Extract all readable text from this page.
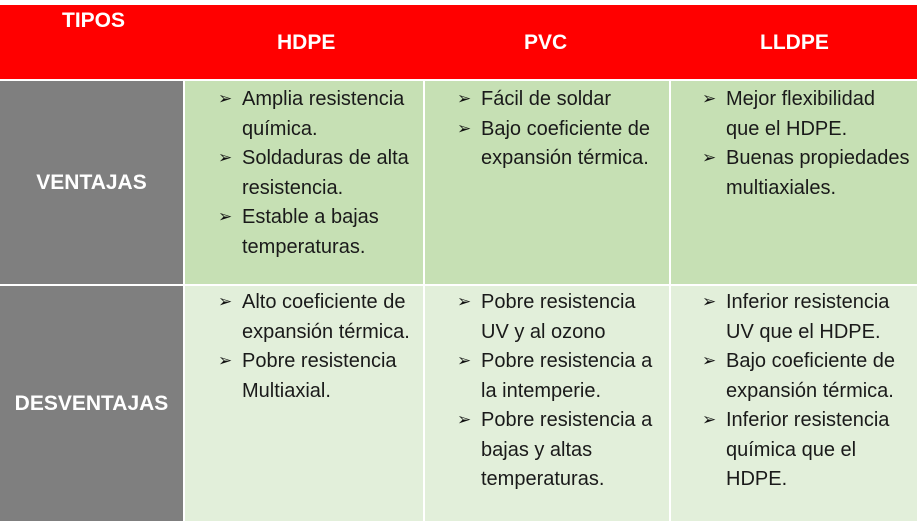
TIPOS
HDPE	PVC	LLDPE
VENTAJAS
DESVENTAJAS
➢ Amplia resistencia química.
➢ Soldaduras de alta resistencia.
➢ Estable a bajas temperaturas.
➢ Fácil de soldar
➢ Bajo coeficiente de expansión térmica.
➢ Mejor flexibilidad que el HDPE.
➢ Buenas propiedades multiaxiales.
➢ Alto coeficiente de expansión térmica.
➢ Pobre resistencia Multiaxial.
➢ Pobre resistencia UV y al ozono
➢ Pobre resistencia a la intemperie.
➢ Pobre resistencia a bajas y altas temperaturas.
➢ Inferior resistencia UV que el HDPE.
➢ Bajo coeficiente de expansión térmica.
➢ Inferior resistencia química que el HDPE.
